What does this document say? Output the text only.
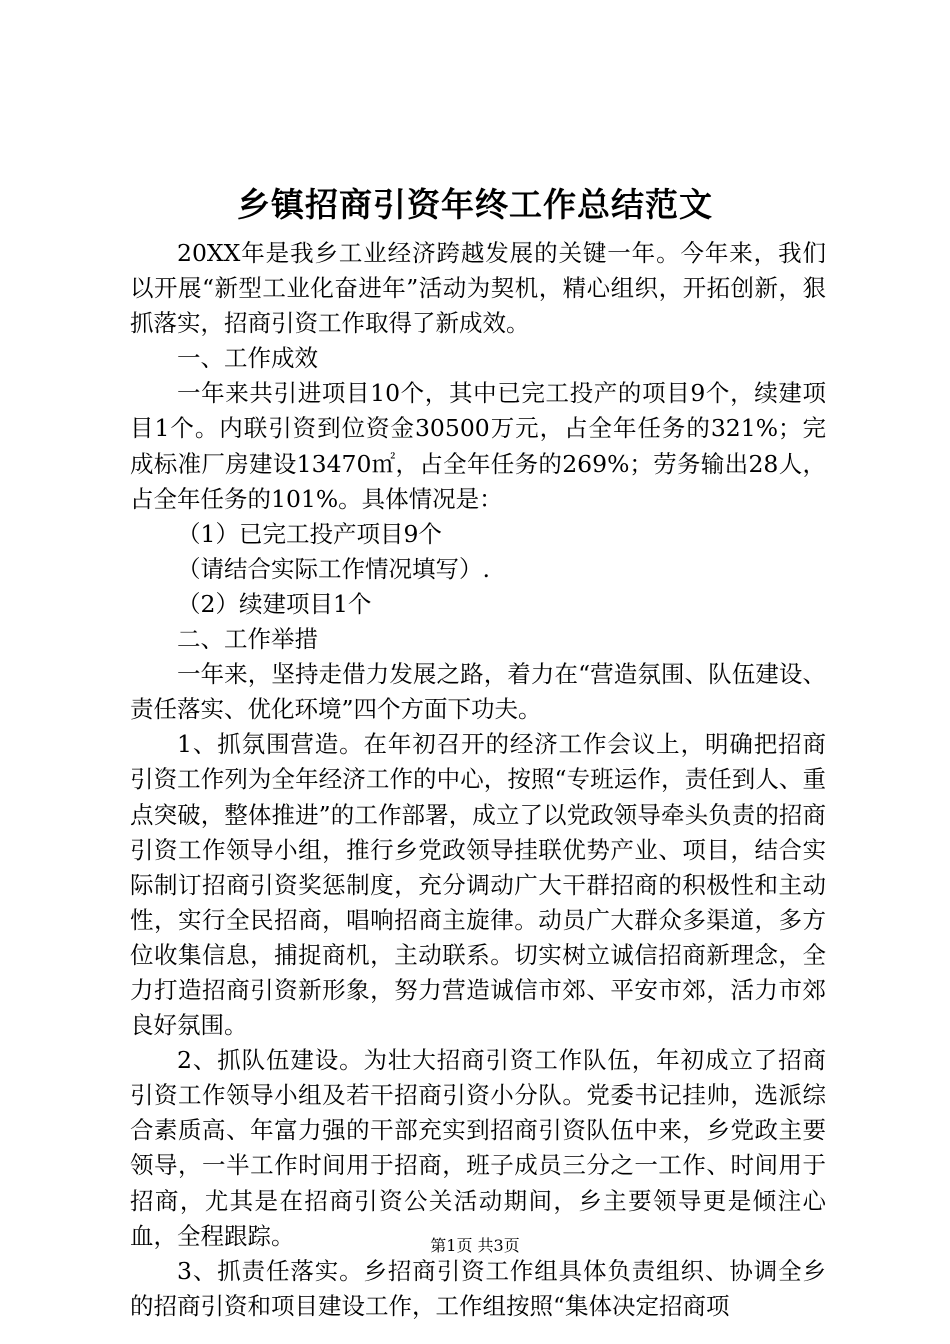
乡镇招商引资年终工作总结范文

20XX年是我乡工业经济跨越发展的关键一年。今年来，我们以开展“新型工业化奋进年”活动为契机，精心组织，开拓创新，狠抓落实，招商引资工作取得了新成效。

一、工作成效

一年来共引进项目10个，其中已完工投产的项目9个，续建项目1个。内联引资到位资金30500万元，占全年任务的321%；完成标准厂房建设13470㎡，占全年任务的269%；劳务输出28人，占全年任务的101%。具体情况是：

（1）已完工投产项目9个

（请结合实际工作情况填写）.

（2）续建项目1个

二、工作举措

一年来，坚持走借力发展之路，着力在“营造氛围、队伍建设、责任落实、优化环境”四个方面下功夫。

1、抓氛围营造。在年初召开的经济工作会议上，明确把招商引资工作列为全年经济工作的中心，按照“专班运作，责任到人、重点突破，整体推进”的工作部署，成立了以党政领导牵头负责的招商引资工作领导小组，推行乡党政领导挂联优势产业、项目，结合实际制订招商引资奖惩制度，充分调动广大干群招商的积极性和主动性，实行全民招商，唱响招商主旋律。动员广大群众多渠道，多方位收集信息，捕捉商机，主动联系。切实树立诚信招商新理念，全力打造招商引资新形象，努力营造诚信市郊、平安市郊，活力市郊良好氛围。

2、抓队伍建设。为壮大招商引资工作队伍，年初成立了招商引资工作领导小组及若干招商引资小分队。党委书记挂帅，选派综合素质高、年富力强的干部充实到招商引资队伍中来，乡党政主要领导，一半工作时间用于招商，班子成员三分之一工作、时间用于招商，尤其是在招商引资公关活动期间，乡主要领导更是倾注心血，全程跟踪。

3、抓责任落实。乡招商引资工作组具体负责组织、协调全乡的招商引资和项目建设工作，工作组按照“集体决定招商项

第1页 共3页
